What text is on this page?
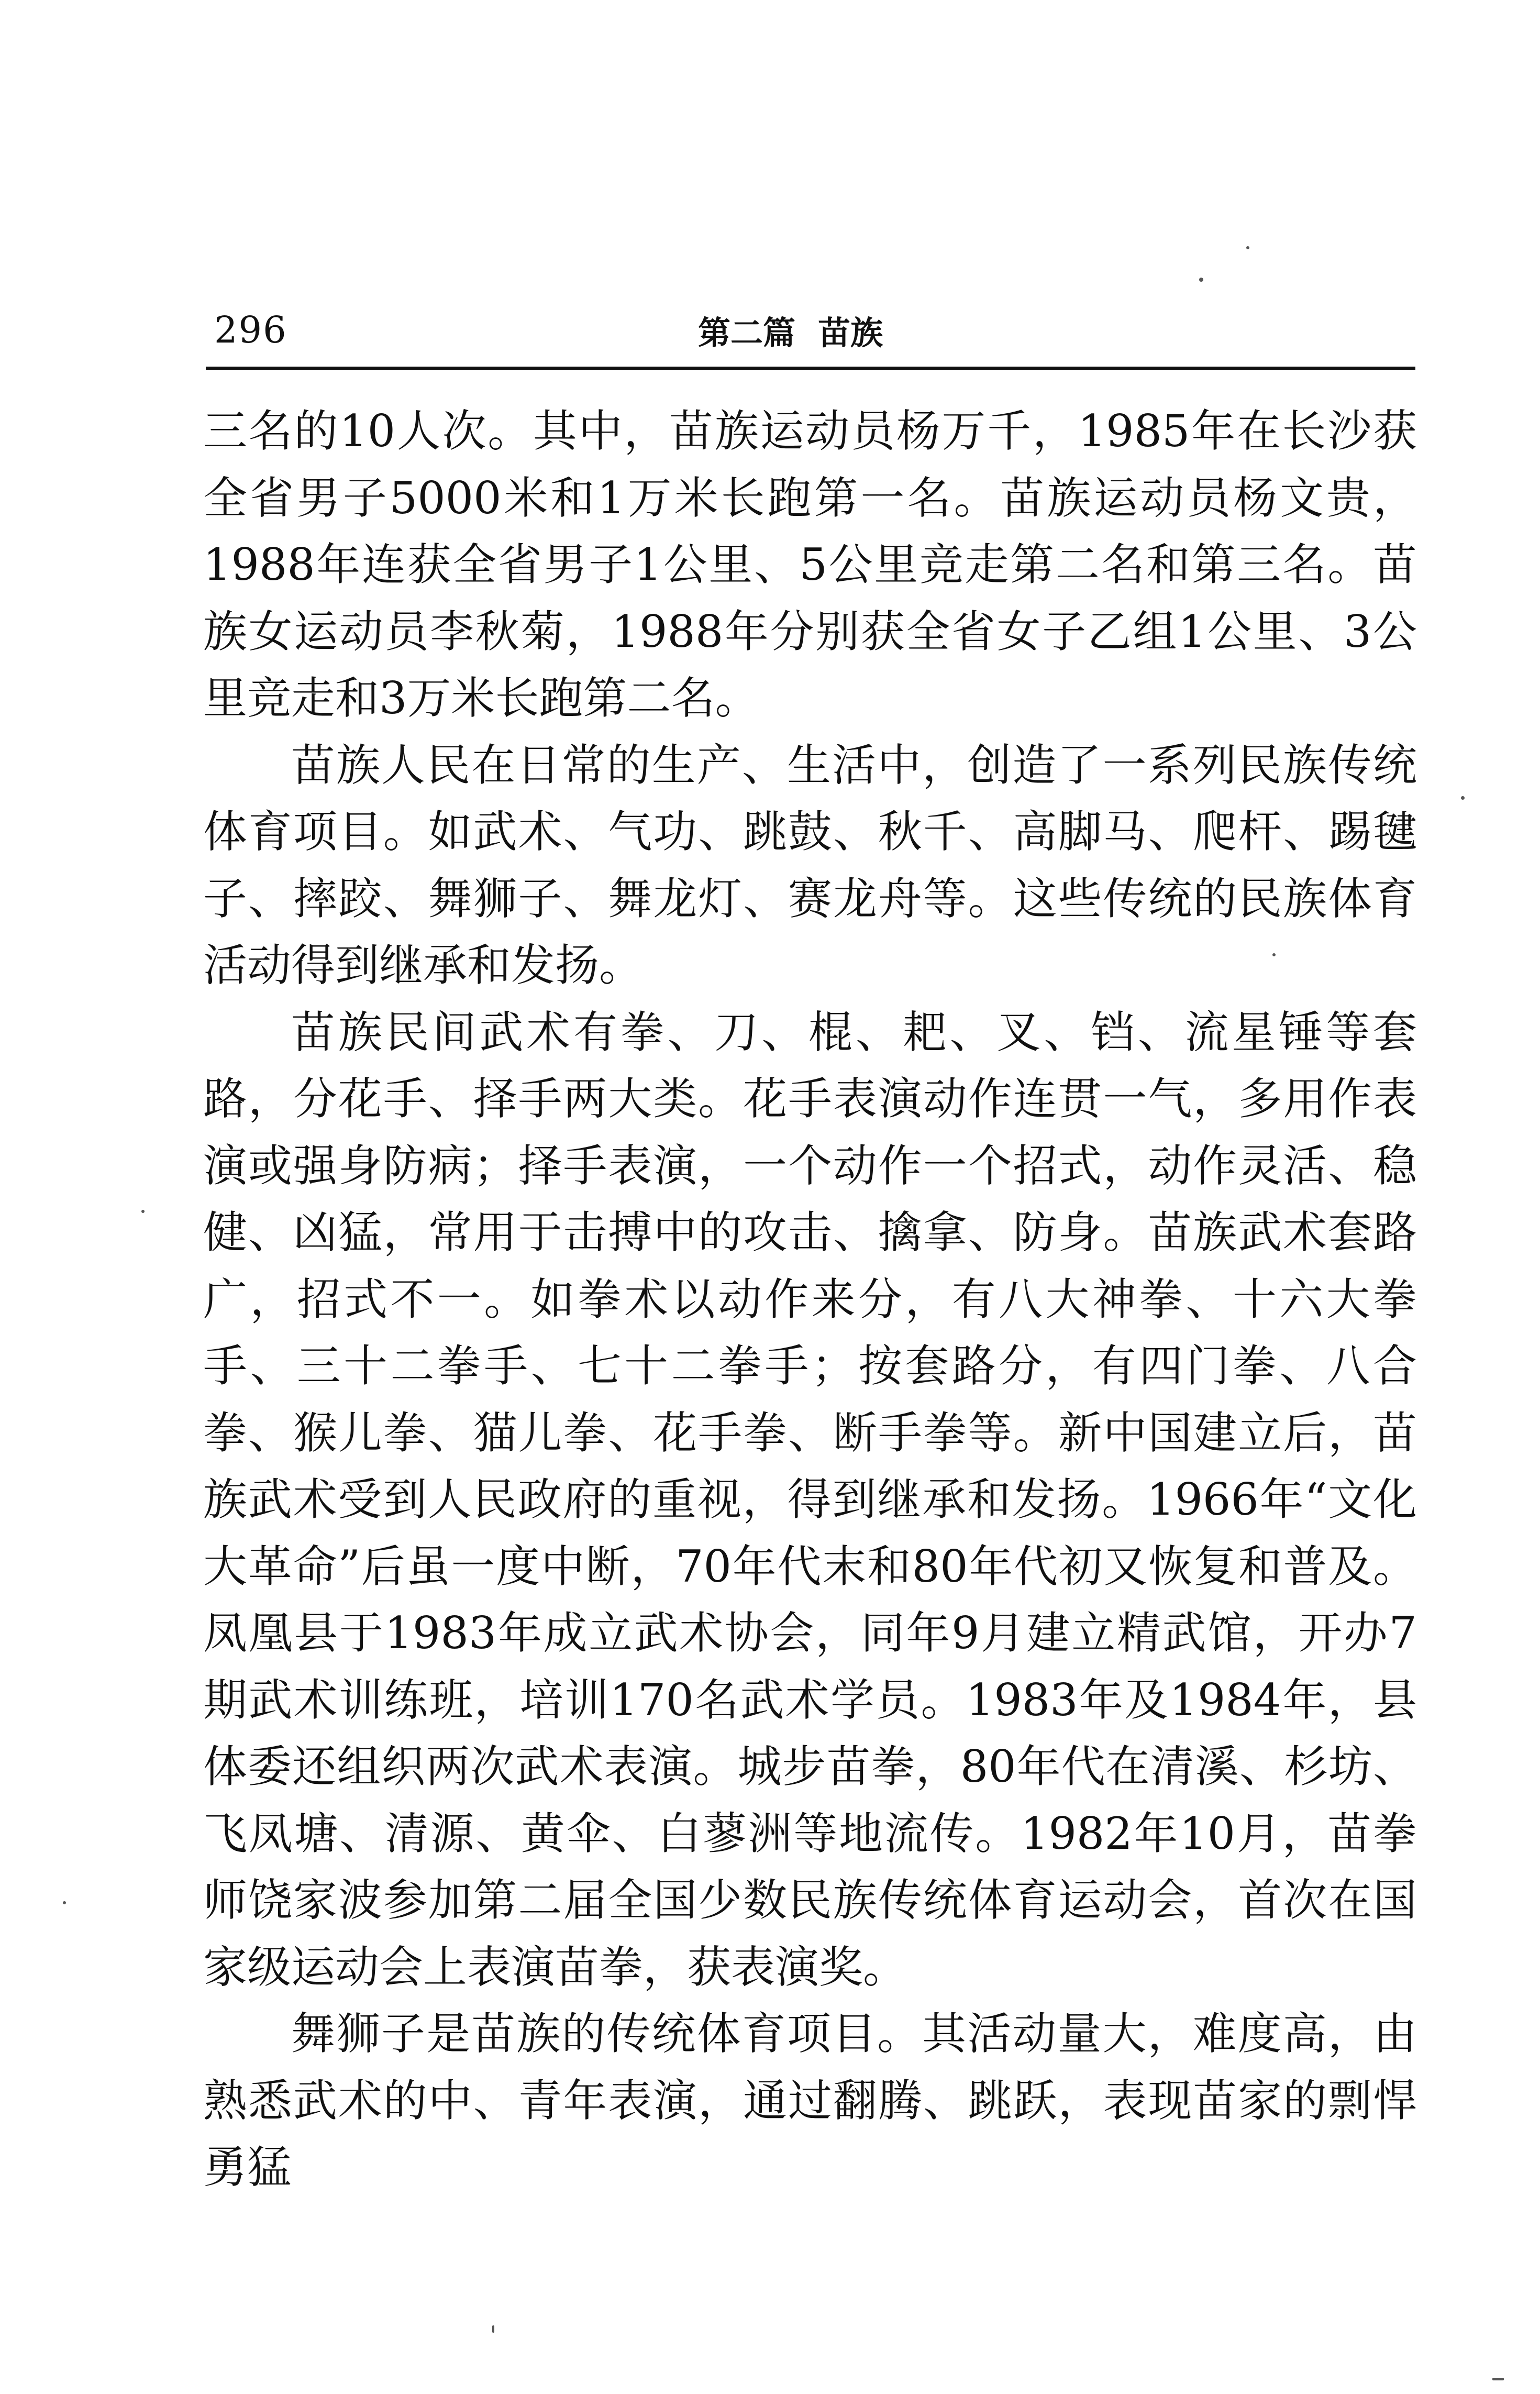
296	第二篇  苗族

三名的10人次。其中，苗族运动员杨万千，1985年在长沙获全省男子5000米和1万米长跑第一名。苗族运动员杨文贵，1988年连获全省男子1公里、5公里竞走第二名和第三名。苗族女运动员李秋菊，1988年分别获全省女子乙组1公里、3公里竞走和3万米长跑第二名。

苗族人民在日常的生产、生活中，创造了一系列民族传统体育项目。如武术、气功、跳鼓、秋千、高脚马、爬杆、踢毽子、摔跤、舞狮子、舞龙灯、赛龙舟等。这些传统的民族体育活动得到继承和发扬。

苗族民间武术有拳、刀、棍、耙、叉、铛、流星锤等套路，分花手、择手两大类。花手表演动作连贯一气，多用作表演或强身防病；择手表演，一个动作一个招式，动作灵活、稳健、凶猛，常用于击搏中的攻击、擒拿、防身。苗族武术套路广，招式不一。如拳术以动作来分，有八大神拳、十六大拳手、三十二拳手、七十二拳手；按套路分，有四门拳、八合拳、猴儿拳、猫儿拳、花手拳、断手拳等。新中国建立后，苗族武术受到人民政府的重视，得到继承和发扬。1966年“文化大革命”后虽一度中断，70年代末和80年代初又恢复和普及。凤凰县于1983年成立武术协会，同年9月建立精武馆，开办7期武术训练班，培训170名武术学员。1983年及1984年，县体委还组织两次武术表演。城步苗拳，80年代在清溪、杉坊、飞凤塘、清源、黄伞、白蓼洲等地流传。1982年10月，苗拳师饶家波参加第二届全国少数民族传统体育运动会，首次在国家级运动会上表演苗拳，获表演奖。

舞狮子是苗族的传统体育项目。其活动量大，难度高，由熟悉武术的中、青年表演，通过翻腾、跳跃，表现苗家的剽悍勇猛
